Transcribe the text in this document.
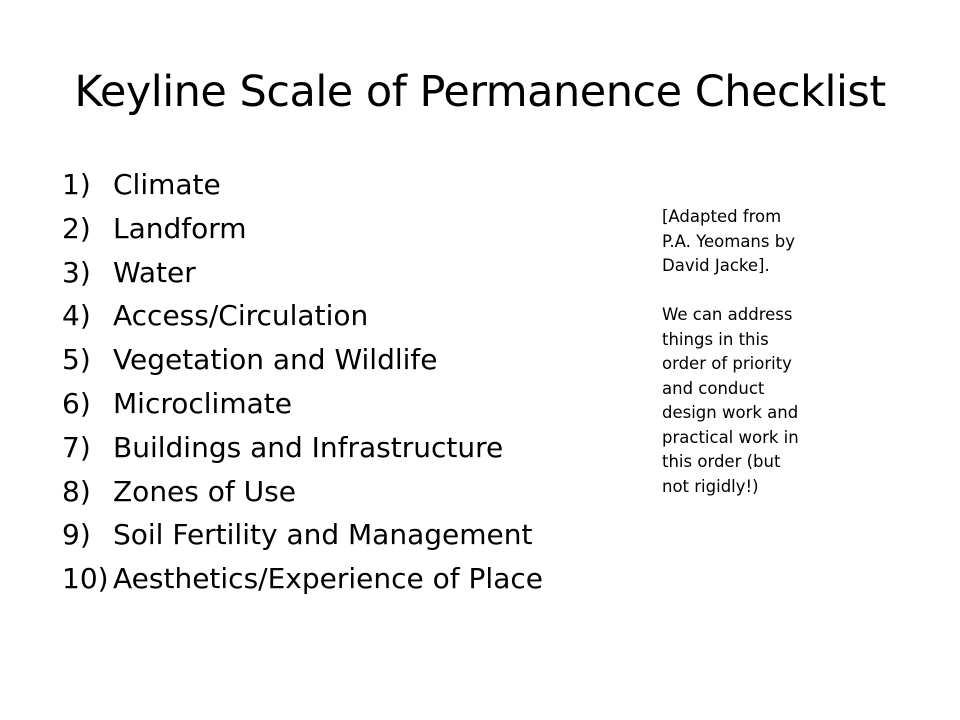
Keyline Scale of Permanence Checklist
1) Climate
2) Landform
3) Water
4) Access/Circulation
5) Vegetation and Wildlife
6) Microclimate
7) Buildings and Infrastructure
8) Zones of Use
9) Soil Fertility and Management
10) Aesthetics/Experience of Place

[Adapted from

P.A. Yeomans by

David Jacke].

We can address

things in this

order of priority

and conduct

design work and

practical work in

this order (but

not rigidly!)
